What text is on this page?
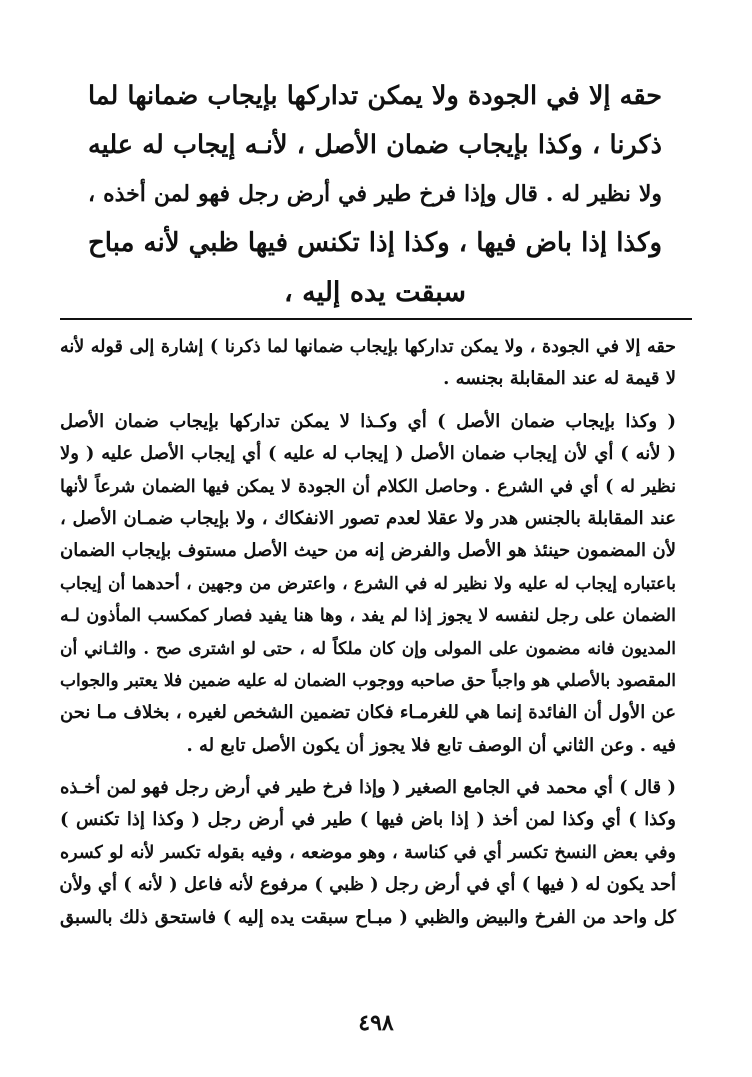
حقه إلا في الجودة ولا يمكن تداركها بإيجاب ضمانها لما
ذكرنا ، وكذا بإيجاب ضمان الأصل ، لأنـه إيجاب له عليه
ولا نظير له . قال وإذا فرخ طير في أرض رجل فهو لمن أخذه ،
وكذا إذا باض فيها ، وكذا إذا تكنس فيها ظبي لأنه مباح
سبقت يده إليه ،
حقه إلا في الجودة ، ولا يمكن تداركها بإيجاب ضمانها لما ذكرنا ) إشارة إلى قوله لأنه
لا قيمة له عند المقابلة بجنسه .
( وكذا بإيجاب ضمان الأصل ) أي وكـذا لا يمكن تداركها بإيجاب ضمان الأصل
( لأنه ) أي لأن إيجاب ضمان الأصل ( إيجاب له عليه ) أي إيجاب الأصل عليه ( ولا
نظير له ) أي في الشرع . وحاصل الكلام أن الجودة لا يمكن فيها الضمان شرعاً لأنها
عند المقابلة بالجنس هدر ولا عقلا لعدم تصور الانفكاك ، ولا بإيجاب ضمـان الأصل ،
لأن المضمون حينئذ هو الأصل والفرض إنه من حيث الأصل مستوف بإيجاب الضمان
باعتباره إيجاب له عليه ولا نظير له في الشرع ، واعترض من وجهين ، أحدهما أن إيجاب
الضمان على رجل لنفسه لا يجوز إذا لم يفد ، وها هنا يفيد فصار كمكسب المأذون لـه
المديون فانه مضمون على المولى وإن كان ملكاً له ، حتى لو اشترى صح . والثـاني أن
المقصود بالأصلي هو واجباً حق صاحبه ووجوب الضمان له عليه ضمين فلا يعتبر والجواب
عن الأول أن الفائدة إنما هي للغرمـاء فكان تضمين الشخص لغيره ، بخلاف مـا نحن
فيه . وعن الثاني أن الوصف تابع فلا يجوز أن يكون الأصل تابع له .
( قال ) أي محمد في الجامع الصغير ( وإذا فرخ طير في أرض رجل فهو لمن أخـذه
وكذا ) أي وكذا لمن أخذ ( إذا باض فيها ) طير في أرض رجل ( وكذا إذا تكنس )
وفي بعض النسخ تكسر أي في كناسة ، وهو موضعه ، وفيه بقوله تكسر لأنه لو كسره
أحد يكون له ( فيها ) أي في أرض رجل ( ظبي ) مرفوع لأنه فاعل ( لأنه ) أي ولأن
كل واحد من الفرخ والبيض والظبي ( مبـاح سبقت يده إليه ) فاستحق ذلك بالسبق
٤٩٨
